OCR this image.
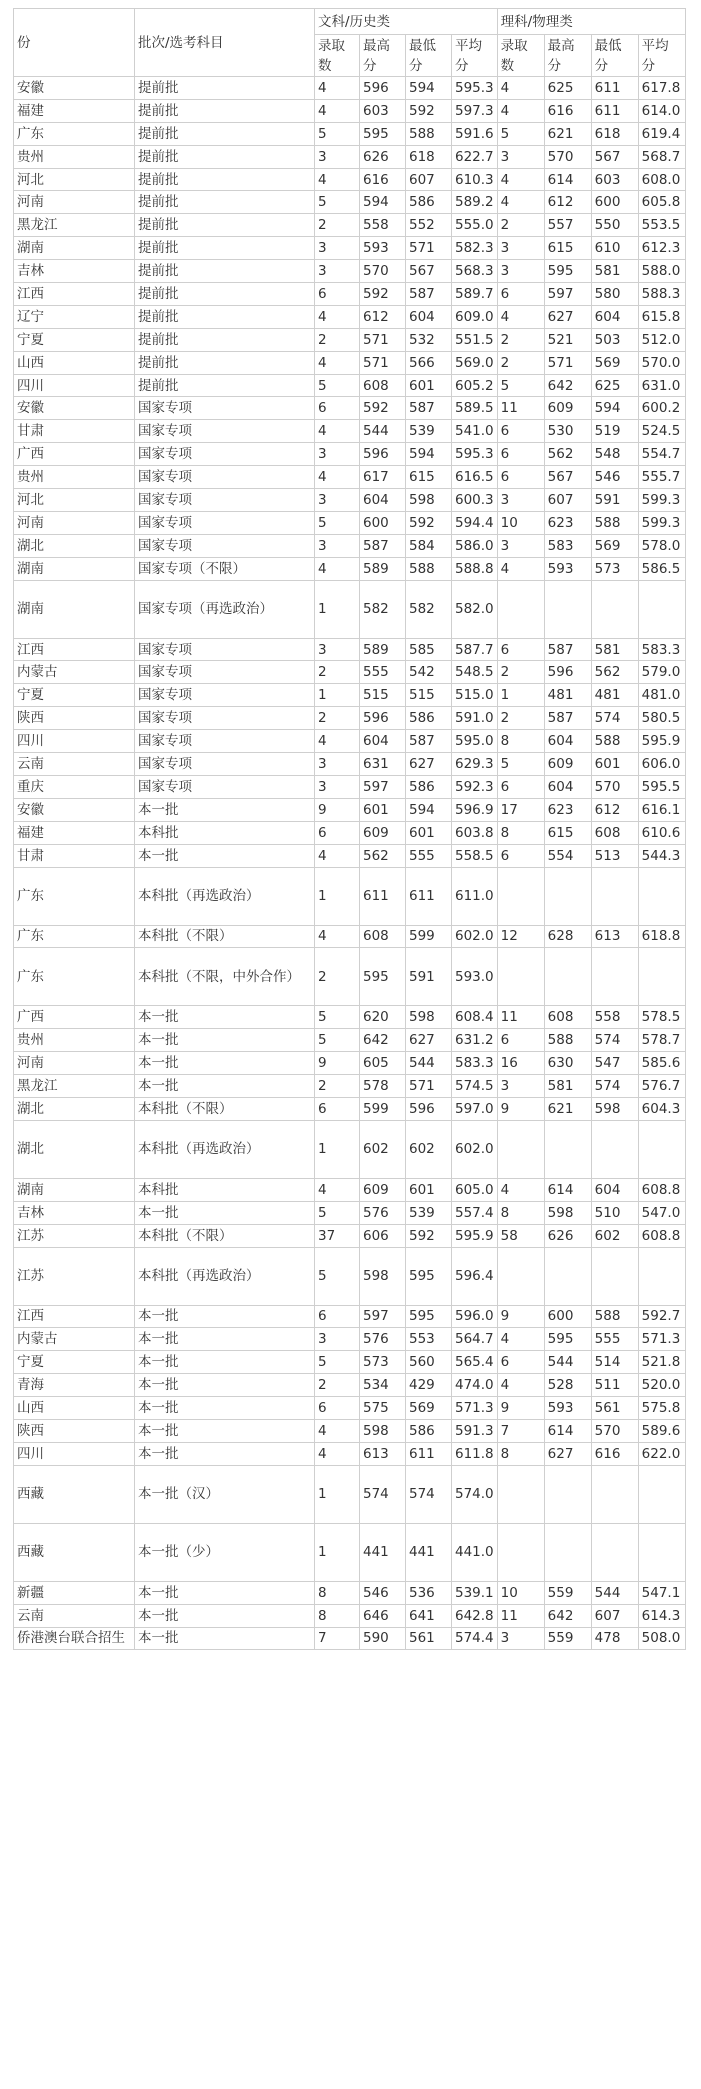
份	批次/选考科目	文科/历史类				理科/物理类			
		录取数	最高分	最低分	平均分	录取数	最高分	最低分	平均分
安徽	提前批	4	596	594	595.3	4	625	611	617.8
福建	提前批	4	603	592	597.3	4	616	611	614.0
广东	提前批	5	595	588	591.6	5	621	618	619.4
贵州	提前批	3	626	618	622.7	3	570	567	568.7
河北	提前批	4	616	607	610.3	4	614	603	608.0
河南	提前批	5	594	586	589.2	4	612	600	605.8
黑龙江	提前批	2	558	552	555.0	2	557	550	553.5
湖南	提前批	3	593	571	582.3	3	615	610	612.3
吉林	提前批	3	570	567	568.3	3	595	581	588.0
江西	提前批	6	592	587	589.7	6	597	580	588.3
辽宁	提前批	4	612	604	609.0	4	627	604	615.8
宁夏	提前批	2	571	532	551.5	2	521	503	512.0
山西	提前批	4	571	566	569.0	2	571	569	570.0
四川	提前批	5	608	601	605.2	5	642	625	631.0
安徽	国家专项	6	592	587	589.5	11	609	594	600.2
甘肃	国家专项	4	544	539	541.0	6	530	519	524.5
广西	国家专项	3	596	594	595.3	6	562	548	554.7
贵州	国家专项	4	617	615	616.5	6	567	546	555.7
河北	国家专项	3	604	598	600.3	3	607	591	599.3
河南	国家专项	5	600	592	594.4	10	623	588	599.3
湖北	国家专项	3	587	584	586.0	3	583	569	578.0
湖南	国家专项（不限）	4	589	588	588.8	4	593	573	586.5
湖南	国家专项（再选政治）	1	582	582	582.0				
江西	国家专项	3	589	585	587.7	6	587	581	583.3
内蒙古	国家专项	2	555	542	548.5	2	596	562	579.0
宁夏	国家专项	1	515	515	515.0	1	481	481	481.0
陕西	国家专项	2	596	586	591.0	2	587	574	580.5
四川	国家专项	4	604	587	595.0	8	604	588	595.9
云南	国家专项	3	631	627	629.3	5	609	601	606.0
重庆	国家专项	3	597	586	592.3	6	604	570	595.5
安徽	本一批	9	601	594	596.9	17	623	612	616.1
福建	本科批	6	609	601	603.8	8	615	608	610.6
甘肃	本一批	4	562	555	558.5	6	554	513	544.3
广东	本科批（再选政治）	1	611	611	611.0				
广东	本科批（不限）	4	608	599	602.0	12	628	613	618.8
广东	本科批（不限，中外合作）	2	595	591	593.0				
广西	本一批	5	620	598	608.4	11	608	558	578.5
贵州	本一批	5	642	627	631.2	6	588	574	578.7
河南	本一批	9	605	544	583.3	16	630	547	585.6
黑龙江	本一批	2	578	571	574.5	3	581	574	576.7
湖北	本科批（不限）	6	599	596	597.0	9	621	598	604.3
湖北	本科批（再选政治）	1	602	602	602.0				
湖南	本科批	4	609	601	605.0	4	614	604	608.8
吉林	本一批	5	576	539	557.4	8	598	510	547.0
江苏	本科批（不限）	37	606	592	595.9	58	626	602	608.8
江苏	本科批（再选政治）	5	598	595	596.4				
江西	本一批	6	597	595	596.0	9	600	588	592.7
内蒙古	本一批	3	576	553	564.7	4	595	555	571.3
宁夏	本一批	5	573	560	565.4	6	544	514	521.8
青海	本一批	2	534	429	474.0	4	528	511	520.0
山西	本一批	6	575	569	571.3	9	593	561	575.8
陕西	本一批	4	598	586	591.3	7	614	570	589.6
四川	本一批	4	613	611	611.8	8	627	616	622.0
西藏	本一批（汉）	1	574	574	574.0				
西藏	本一批（少）	1	441	441	441.0				
新疆	本一批	8	546	536	539.1	10	559	544	547.1
云南	本一批	8	646	641	642.8	11	642	607	614.3
侨港澳台联合招生	本一批	7	590	561	574.4	3	559	478	508.0
